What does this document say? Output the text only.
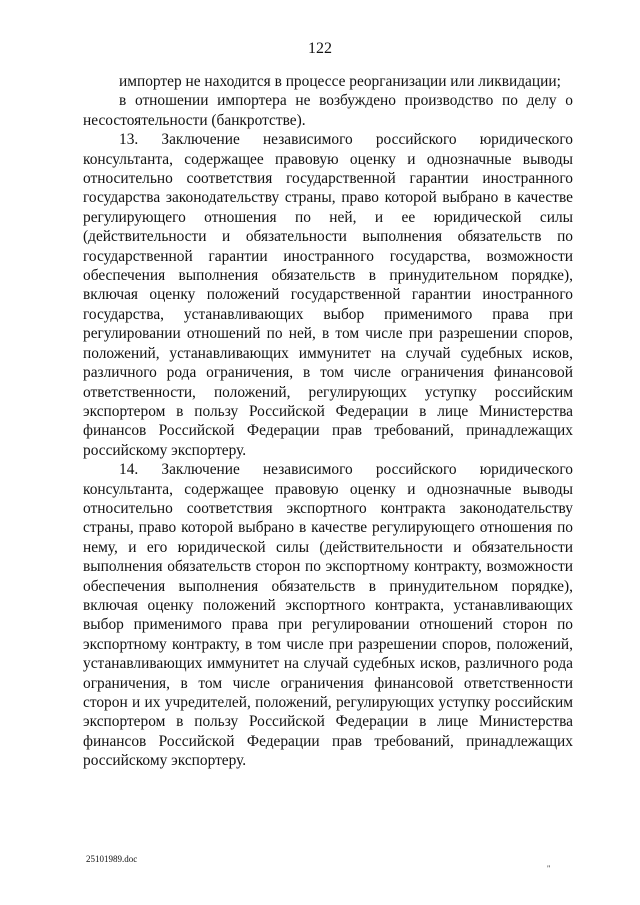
122

импортер не находится в процессе реорганизации или ликвидации;

в отношении импортера не возбуждено производство по делу о несостоятельности (банкротстве).

13. Заключение независимого российского юридического консультанта, содержащее правовую оценку и однозначные выводы относительно соответствия государственной гарантии иностранного государства законодательству страны, право которой выбрано в качестве регулирующего отношения по ней, и ее юридической силы (действительности и обязательности выполнения обязательств по государственной гарантии иностранного государства, возможности обеспечения выполнения обязательств в принудительном порядке), включая оценку положений государственной гарантии иностранного государства, устанавливающих выбор применимого права при регулировании отношений по ней, в том числе при разрешении споров, положений, устанавливающих иммунитет на случай судебных исков, различного рода ограничения, в том числе ограничения финансовой ответственности, положений, регулирующих уступку российским экспортером в пользу Российской Федерации в лице Министерства финансов Российской Федерации прав требований, принадлежащих российскому экспортеру.

14. Заключение независимого российского юридического консультанта, содержащее правовую оценку и однозначные выводы относительно соответствия экспортного контракта законодательству страны, право которой выбрано в качестве регулирующего отношения по нему, и его юридической силы (действительности и обязательности выполнения обязательств сторон по экспортному контракту, возможности обеспечения выполнения обязательств в принудительном порядке), включая оценку положений экспортного контракта, устанавливающих выбор применимого права при регулировании отношений сторон по экспортному контракту, в том числе при разрешении споров, положений, устанавливающих иммунитет на случай судебных исков, различного рода ограничения, в том числе ограничения финансовой ответственности сторон и их учредителей, положений, регулирующих уступку российским экспортером в пользу Российской Федерации в лице Министерства финансов Российской Федерации прав требований, принадлежащих российскому экспортеру.

25101989.doc
"
